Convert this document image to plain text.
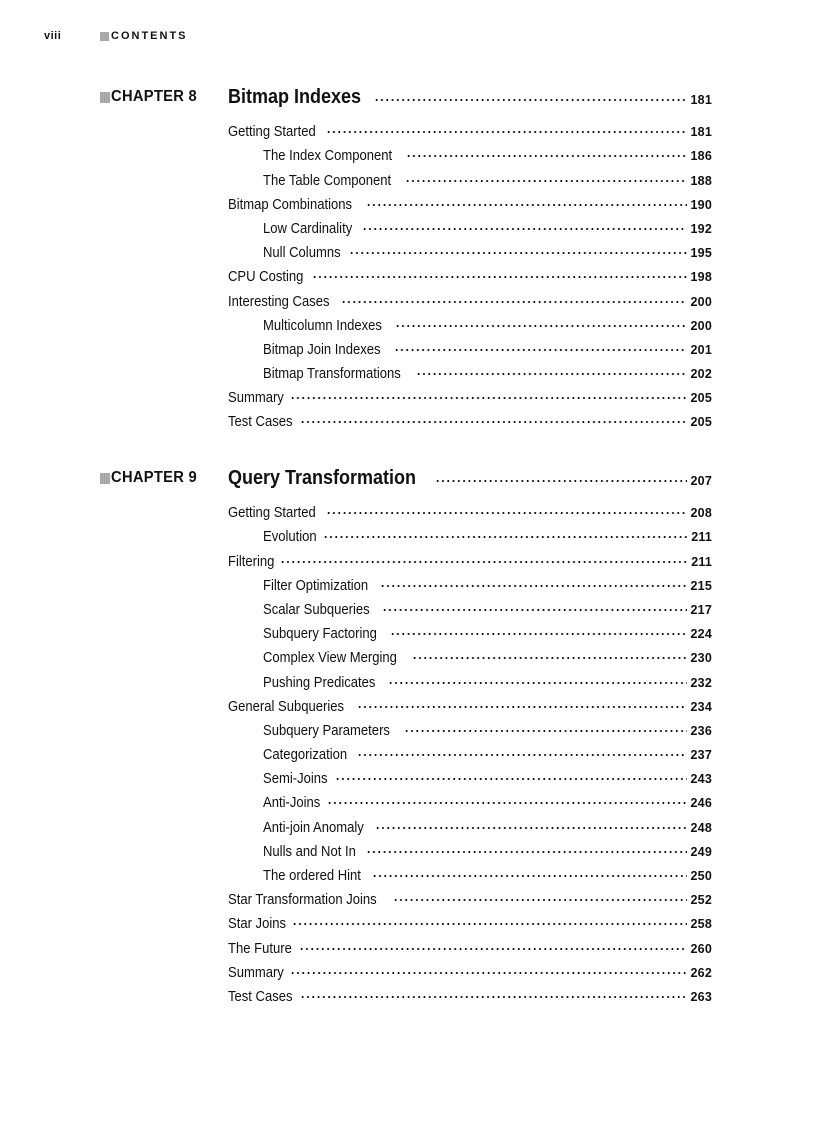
viii	CONTENTS
CHAPTER 8 Bitmap Indexes	181
Getting Started	181
The Index Component	186
The Table Component	188
Bitmap Combinations	190
Low Cardinality	192
Null Columns	195
CPU Costing	198
Interesting Cases	200
Multicolumn Indexes	200
Bitmap Join Indexes	201
Bitmap Transformations	202
Summary	205
Test Cases	205
CHAPTER 9 Query Transformation	207
Getting Started	208
Evolution	211
Filtering	211
Filter Optimization	215
Scalar Subqueries	217
Subquery Factoring	224
Complex View Merging	230
Pushing Predicates	232
General Subqueries	234
Subquery Parameters	236
Categorization	237
Semi-Joins	243
Anti-Joins	246
Anti-join Anomaly	248
Nulls and Not In	249
The ordered Hint	250
Star Transformation Joins	252
Star Joins	258
The Future	260
Summary	262
Test Cases	263
